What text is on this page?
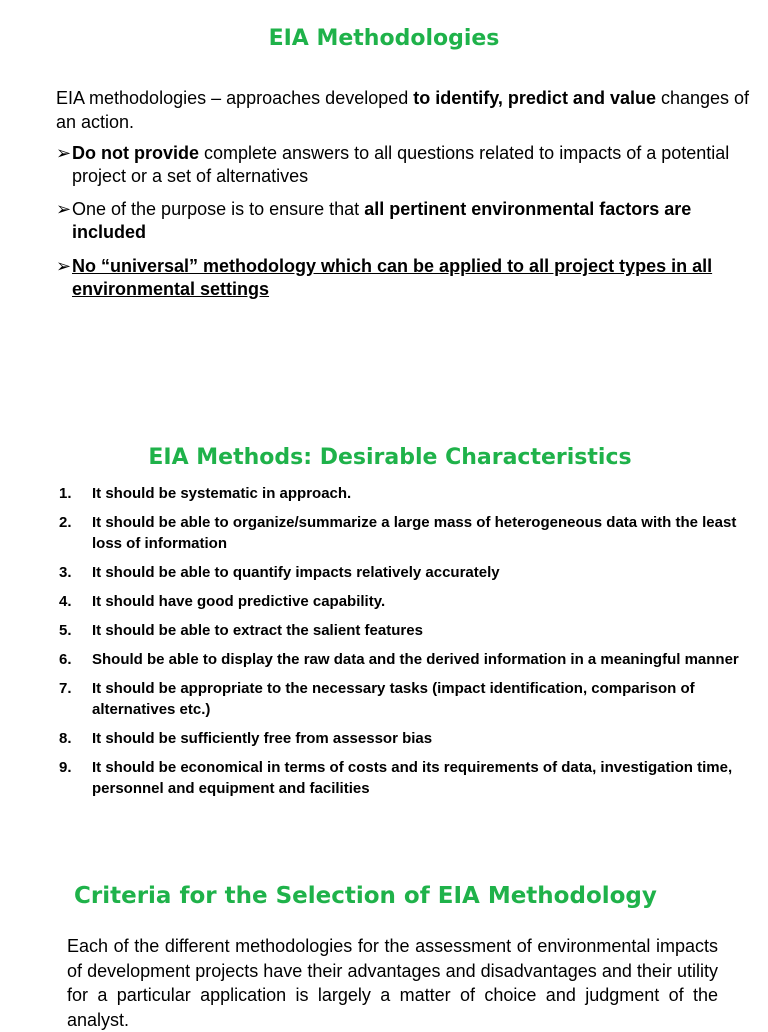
EIA Methodologies
EIA methodologies – approaches developed to identify, predict and value changes of an action.
➢ Do not provide complete answers to all questions related to impacts of a potential project or a set of alternatives
➢ One of the purpose is to ensure that all pertinent environmental factors are included
➢ No “universal” methodology which can be applied to all project types in all environmental settings
EIA Methods: Desirable Characteristics
1. It should be systematic in approach.
2. It should be able to organize/summarize a large mass of heterogeneous data with the least loss of information
3. It should be able to quantify impacts relatively accurately
4. It should have good predictive capability.
5. It should be able to extract the salient features
6. Should be able to display the raw data and the derived information in a meaningful manner
7. It should be appropriate to the necessary tasks (impact identification, comparison of alternatives etc.)
8. It should be sufficiently free from assessor bias
9. It should be economical in terms of costs and its requirements of data, investigation time, personnel and equipment and facilities
Criteria for the Selection of EIA Methodology
Each of the different methodologies for the assessment of environmental impacts of development projects have their advantages and disadvantages and their utility for a particular application is largely a matter of choice and judgment of the analyst.
